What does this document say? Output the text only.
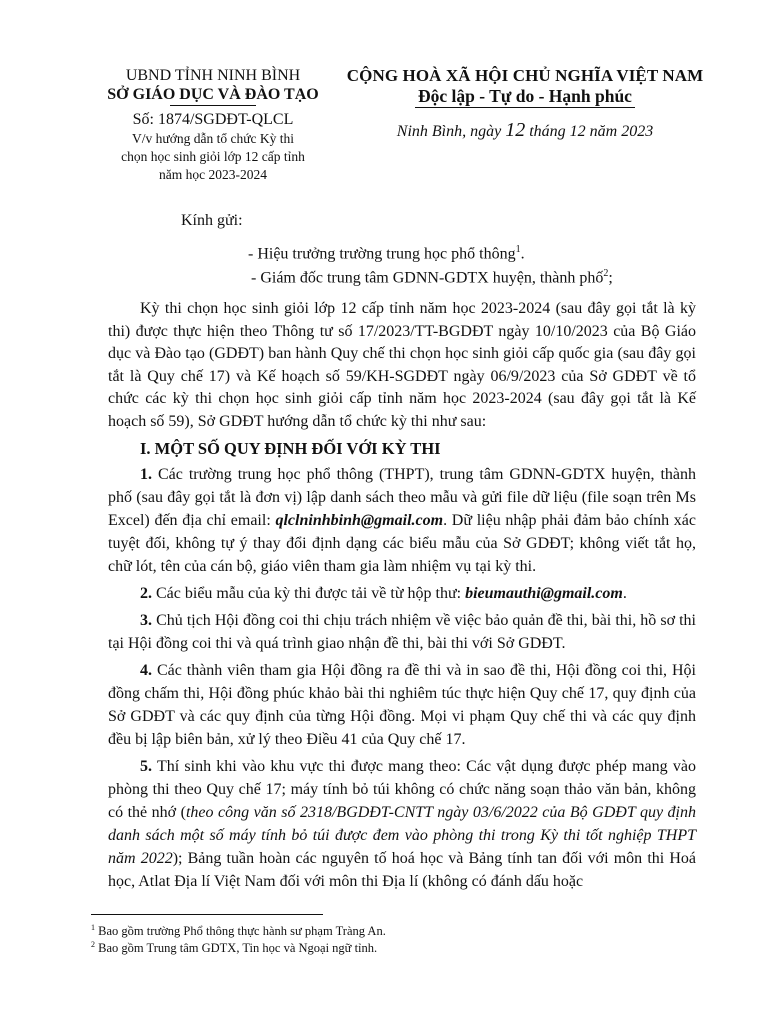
UBND TỈNH NINH BÌNH
SỞ GIÁO DỤC VÀ ĐÀO TẠO
Số: 1874/SGDĐT-QLCL
V/v hướng dẫn tổ chức Kỳ thi
chọn học sinh giỏi lớp 12 cấp tỉnh
năm học 2023-2024
CỘNG HOÀ XÃ HỘI CHỦ NGHĨA VIỆT NAM
Độc lập - Tự do - Hạnh phúc
Ninh Bình, ngày 12 tháng 12 năm 2023
Kính gửi:
- Hiệu trưởng trường trung học phổ thông$^1$.
- Giám đốc trung tâm GDNN-GDTX huyện, thành phố$^2$;

Kỳ thi chọn học sinh giỏi lớp 12 cấp tỉnh năm học 2023-2024 (sau đây gọi tắt là kỳ thi) được thực hiện theo Thông tư số 17/2023/TT-BGDĐT ngày 10/10/2023 của Bộ Giáo dục và Đào tạo (GDĐT) ban hành Quy chế thi chọn học sinh giỏi cấp quốc gia (sau đây gọi tắt là Quy chế 17) và Kế hoạch số 59/KH-SGDĐT ngày 06/9/2023 của Sở GDĐT về tổ chức các kỳ thi chọn học sinh giỏi cấp tỉnh năm học 2023-2024 (sau đây gọi tắt là Kế hoạch số 59), Sở GDĐT hướng dẫn tổ chức kỳ thi như sau:

I. MỘT SỐ QUY ĐỊNH ĐỐI VỚI KỲ THI

1. Các trường trung học phổ thông (THPT), trung tâm GDNN-GDTX huyện, thành phố (sau đây gọi tắt là đơn vị) lập danh sách theo mẫu và gửi file dữ liệu (file soạn trên Ms Excel) đến địa chỉ email: qlclninhbinh@gmail.com. Dữ liệu nhập phải đảm bảo chính xác tuyệt đối, không tự ý thay đổi định dạng các biểu mẫu của Sở GDĐT; không viết tắt họ, chữ lót, tên của cán bộ, giáo viên tham gia làm nhiệm vụ tại kỳ thi.

2. Các biểu mẫu của kỳ thi được tải về từ hộp thư: bieumauthi@gmail.com.

3. Chủ tịch Hội đồng coi thi chịu trách nhiệm về việc bảo quản đề thi, bài thi, hồ sơ thi tại Hội đồng coi thi và quá trình giao nhận đề thi, bài thi với Sở GDĐT.

4. Các thành viên tham gia Hội đồng ra đề thi và in sao đề thi, Hội đồng coi thi, Hội đồng chấm thi, Hội đồng phúc khảo bài thi nghiêm túc thực hiện Quy chế 17, quy định của Sở GDĐT và các quy định của từng Hội đồng. Mọi vi phạm Quy chế thi và các quy định đều bị lập biên bản, xử lý theo Điều 41 của Quy chế 17.

5. Thí sinh khi vào khu vực thi được mang theo: Các vật dụng được phép mang vào phòng thi theo Quy chế 17; máy tính bỏ túi không có chức năng soạn thảo văn bản, không có thẻ nhớ (theo công văn số 2318/BGDĐT-CNTT ngày 03/6/2022 của Bộ GDĐT quy định danh sách một số máy tính bỏ túi được đem vào phòng thi trong Kỳ thi tốt nghiệp THPT năm 2022); Bảng tuần hoàn các nguyên tố hoá học và Bảng tính tan đối với môn thi Hoá học, Atlat Địa lí Việt Nam đối với môn thi Địa lí (không có đánh dấu hoặc

$^1$ Bao gồm trường Phổ thông thực hành sư phạm Tràng An.
$^2$ Bao gồm Trung tâm GDTX, Tin học và Ngoại ngữ tỉnh.
